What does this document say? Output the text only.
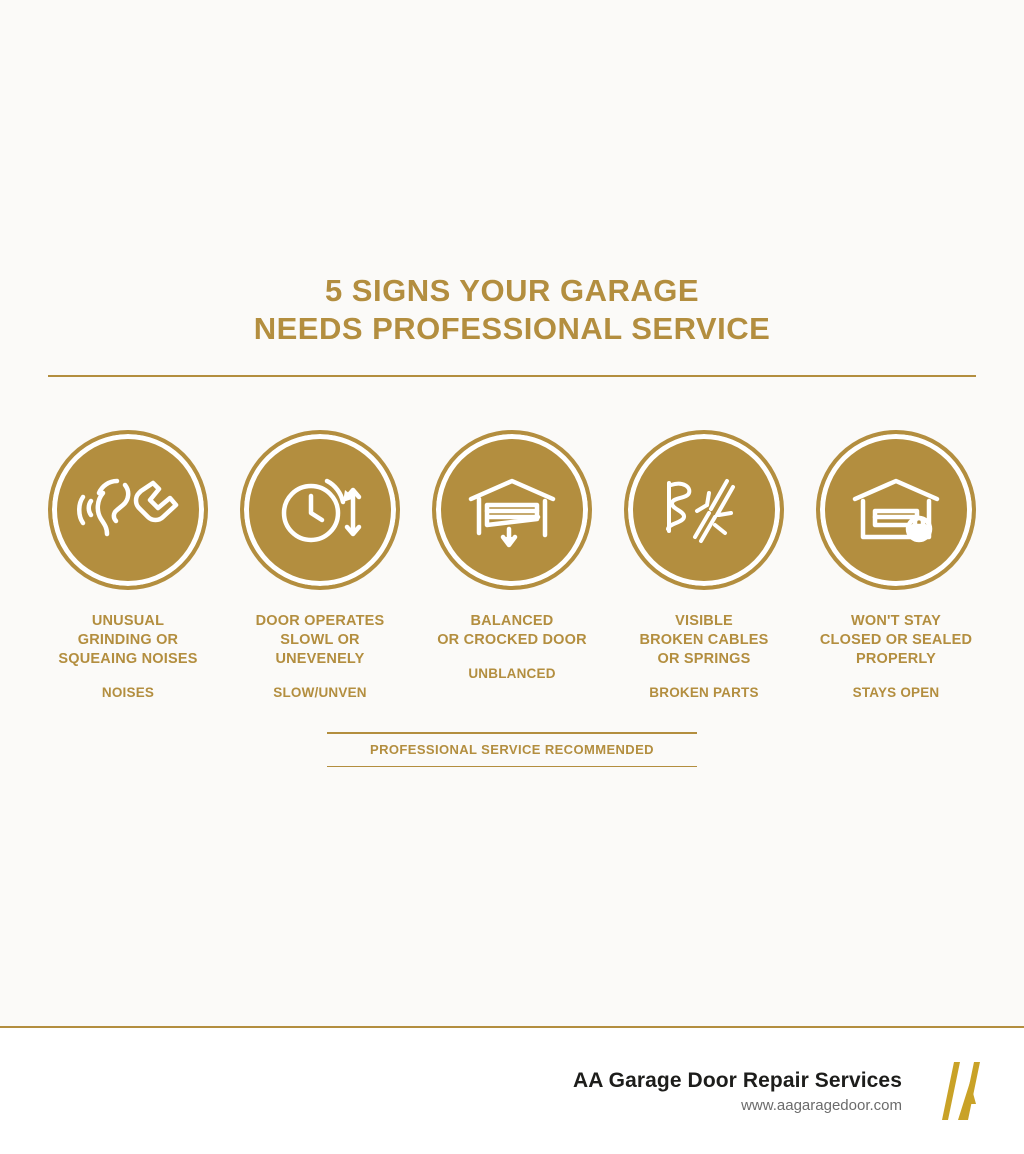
5 SIGNS YOUR GARAGE
NEEDS PROFESSIONAL SERVICE
UNUSUAL
GRINDING OR
SQUEAING NOISES
NOISES
DOOR OPERATES
SLOWL OR
UNEVENELY
SLOW/UNVEN
BALANCED
OR CROCKED DOOR
UNBLANCED
VISIBLE
BROKEN CABLES
OR SPRINGS
BROKEN PARTS
WON'T STAY
CLOSED OR SEALED
PROPERLY
STAYS OPEN
PROFESSIONAL SERVICE RECOMMENDED
AA Garage Door Repair Services
www.aagaragedoor.com
